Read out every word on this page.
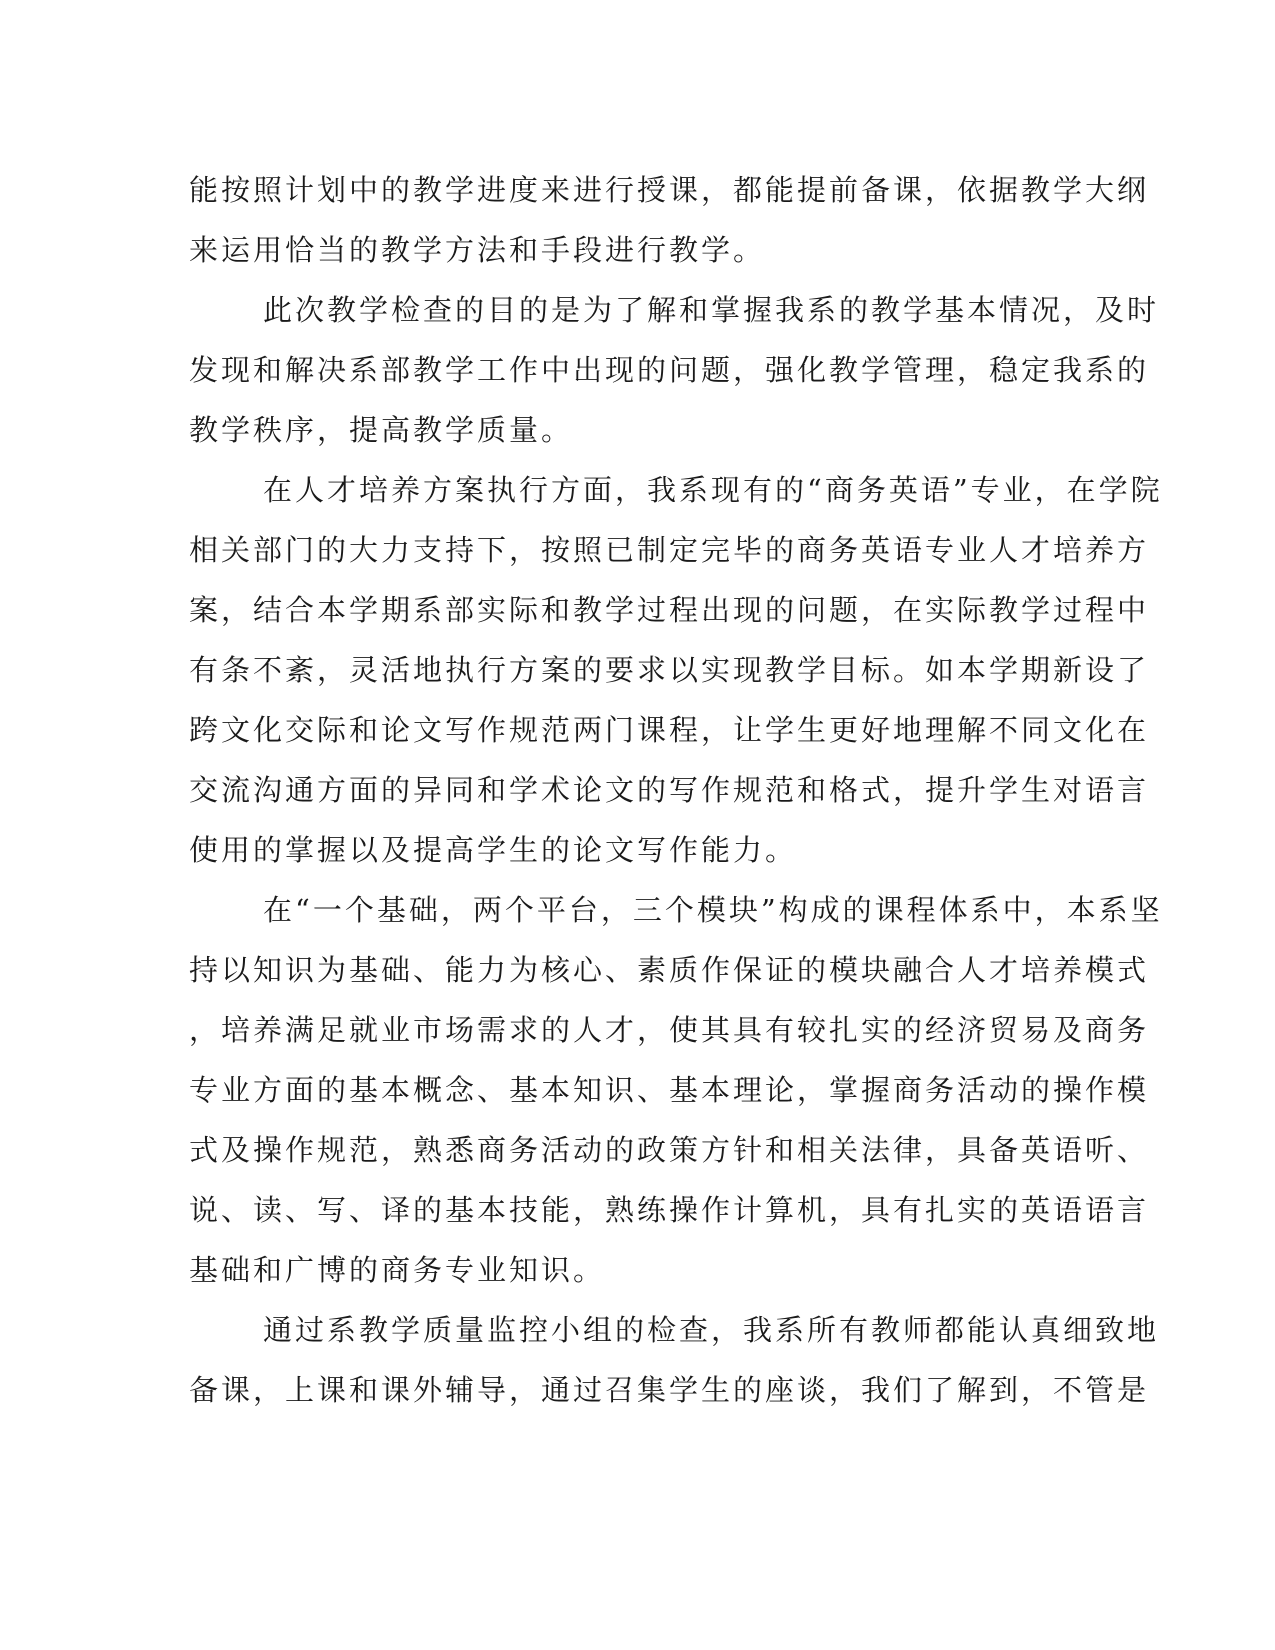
能按照计划中的教学进度来进行授课，都能提前备课，依据教学大纲
来运用恰当的教学方法和手段进行教学。
此次教学检查的目的是为了解和掌握我系的教学基本情况，及时
发现和解决系部教学工作中出现的问题，强化教学管理，稳定我系的
教学秩序，提高教学质量。
在人才培养方案执行方面，我系现有的“商务英语”专业，在学院
相关部门的大力支持下，按照已制定完毕的商务英语专业人才培养方
案，结合本学期系部实际和教学过程出现的问题，在实际教学过程中
有条不紊，灵活地执行方案的要求以实现教学目标。如本学期新设了
跨文化交际和论文写作规范两门课程，让学生更好地理解不同文化在
交流沟通方面的异同和学术论文的写作规范和格式，提升学生对语言
使用的掌握以及提高学生的论文写作能力。
在“一个基础，两个平台，三个模块”构成的课程体系中，本系坚
持以知识为基础、能力为核心、素质作保证的模块融合人才培养模式
，培养满足就业市场需求的人才，使其具有较扎实的经济贸易及商务
专业方面的基本概念、基本知识、基本理论，掌握商务活动的操作模
式及操作规范，熟悉商务活动的政策方针和相关法律，具备英语听、
说、读、写、译的基本技能，熟练操作计算机，具有扎实的英语语言
基础和广博的商务专业知识。
通过系教学质量监控小组的检查，我系所有教师都能认真细致地
备课，上课和课外辅导，通过召集学生的座谈，我们了解到，不管是
